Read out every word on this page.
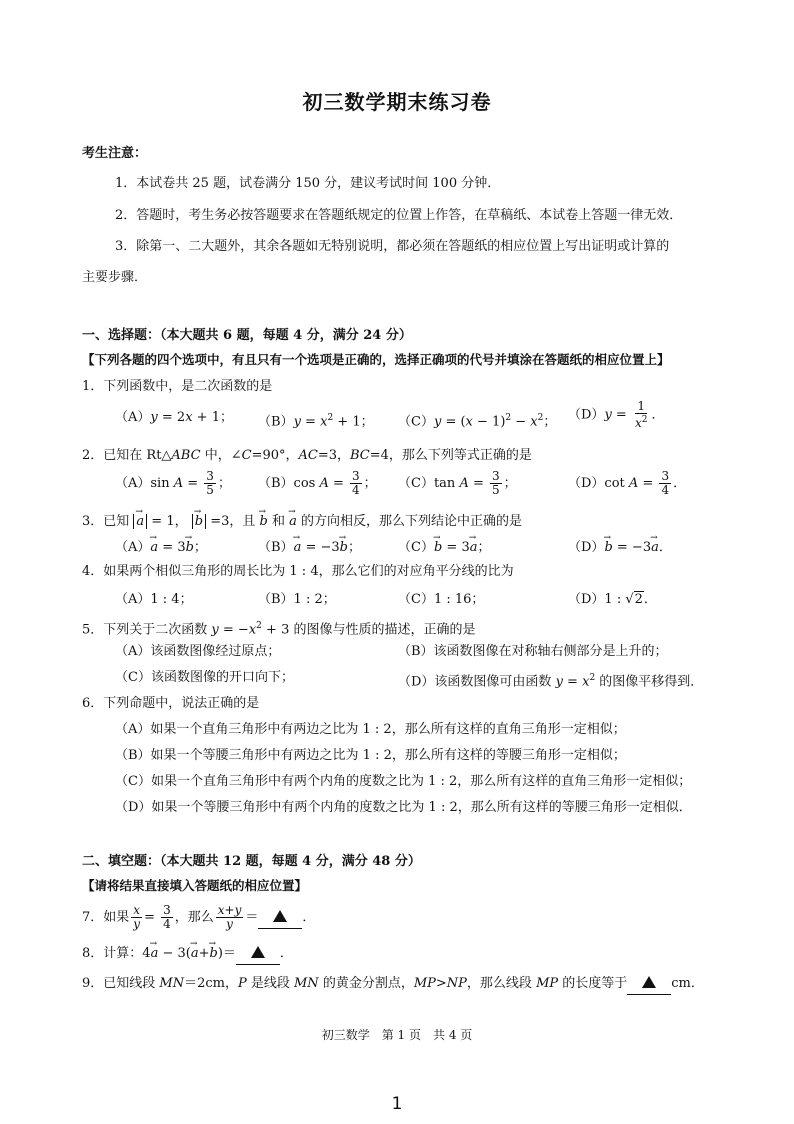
初三数学期末练习卷
考生注意：
1．本试卷共 25 题，试卷满分 150 分，建议考试时间 100 分钟．
2．答题时，考生务必按答题要求在答题纸规定的位置上作答，在草稿纸、本试卷上答题一律无效．
3．除第一、二大题外，其余各题如无特别说明，都必须在答题纸的相应位置上写出证明或计算的
主要步骤．
一、选择题：（本大题共 6 题，每题 4 分，满分 24 分）
【下列各题的四个选项中，有且只有一个选项是正确的，选择正确项的代号并填涂在答题纸的相应位置上】
1．下列函数中，是二次函数的是
（A）y = 2x + 1； $(B)y = x^2 + 1$； $(C)y = (x - 1)^2 - x^2$； $(D)y = \frac{1}{x^2}$ ．
2．已知在 Rt△ABC 中，∠C=90°，AC=3，BC=4，那么下列等式正确的是
（A）sin $A = \frac{3}{5}$ ； （B）cos $A = \frac{3}{4}$ ； （C）tan $A = \frac{3}{5}$ ；	（D）cot $A = \frac{3}{4}$ ．
3．已知 → a = 1， → b =3，且 → b 和 → a 的方向相反，那么下列结论中正确的是
（A）→ a = 3→ b；	（B）→ a = −3→ b；	（C）→ b = 3→ a；	（D）→ b = −3→ a．
4．如果两个相似三角形的周长比为 1 : 4，那么它们的对应角平分线的比为
（A）1 : 4；	（B）1 : 2；	（C）1 : 16；	（D）1 : √2．
5．下列关于二次函数 $y = -x^2 + 3$ 的图像与性质的描述，正确的是
（A）该函数图像经过原点；	（B）该函数图像在对称轴右侧部分是上升的；
（C）该函数图像的开口向下；	（D）该函数图像可由函数 $y = x^2$ 的图像平移得到．
6．下列命题中，说法正确的是
（A）如果一个直角三角形中有两边之比为 1 : 2，那么所有这样的直角三角形一定相似；
（B）如果一个等腰三角形中有两边之比为 1 : 2，那么所有这样的等腰三角形一定相似；
（C）如果一个直角三角形中有两个内角的度数之比为 1 : 2，那么所有这样的直角三角形一定相似；
（D）如果一个等腰三角形中有两个内角的度数之比为 1 : 2，那么所有这样的等腰三角形一定相似．
二、填空题：（本大题共 12 题，每题 4 分，满分 48 分）
【请将结果直接填入答题纸的相应位置】
7．如果 $\frac{x}{y} = \frac{3}{4}$ ，那么 $\frac{x+y}{y}$ ＝	．
8．计算：4→ a − 3(→ a+→ b)＝	．
9．已知线段 MN＝2cm，P 是线段 MN 的黄金分割点，MP>NP，那么线段 MP 的长度等于	cm．
初三数学　第 1 页　共 4 页
1
